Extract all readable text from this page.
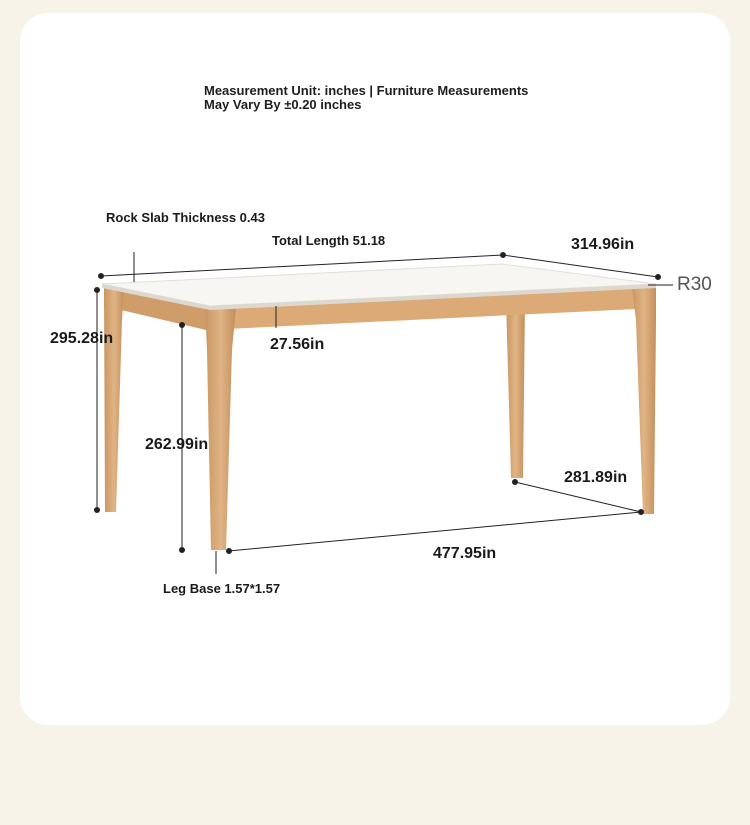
Measurement Unit: inches | Furniture Measurements
May Vary By ±0.20 inches
Rock Slab Thickness 0.43
Total Length 51.18	314.96in
R30
295.28in	27.56in
262.99in
281.89in
477.95in
Leg Base 1.57*1.57
